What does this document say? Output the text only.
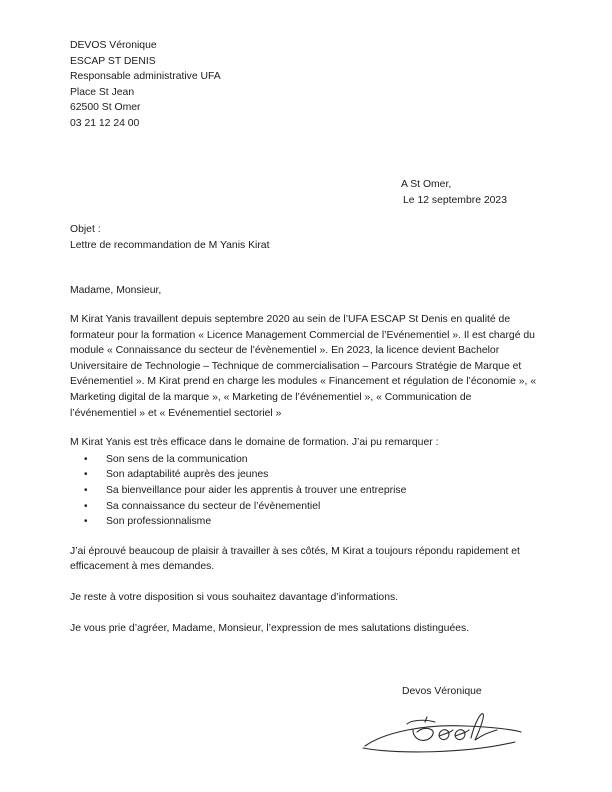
DEVOS Véronique
ESCAP ST DENIS
Responsable administrative UFA
Place St Jean
62500 St Omer
03 21 12 24 00
A St Omer,
Le 12 septembre 2023
Objet :
Lettre de recommandation de M Yanis Kirat
Madame, Monsieur,

M Kirat Yanis travaillent depuis septembre 2020 au sein de l’UFA ESCAP St Denis en qualité de formateur pour la formation « Licence Management Commercial de l’Evénementiel ». Il est chargé du module « Connaissance du secteur de l’évènementiel ». En 2023, la licence devient Bachelor Universitaire de Technologie – Technique de commercialisation – Parcours Stratégie de Marque et Evénementiel ». M Kirat prend en charge les modules « Financement et régulation de l’économie », « Marketing digital de la marque », « Marketing de l’événementiel », « Communication de l’événementiel » et « Evénementiel sectoriel »

M Kirat Yanis est très efficace dans le domaine de formation. J’ai pu remarquer :

• Son sens de la communication
• Son adaptabilité auprès des jeunes
• Sa bienveillance pour aider les apprentis à trouver une entreprise
• Sa connaissance du secteur de l’évènementiel
• Son professionnalisme

J’ai éprouvé beaucoup de plaisir à travailler à ses côtés, M Kirat a toujours répondu rapidement et efficacement à mes demandes.

Je reste à votre disposition si vous souhaitez davantage d’informations.

Je vous prie d’agréer, Madame, Monsieur, l’expression de mes salutations distinguées.

Devos Véronique
